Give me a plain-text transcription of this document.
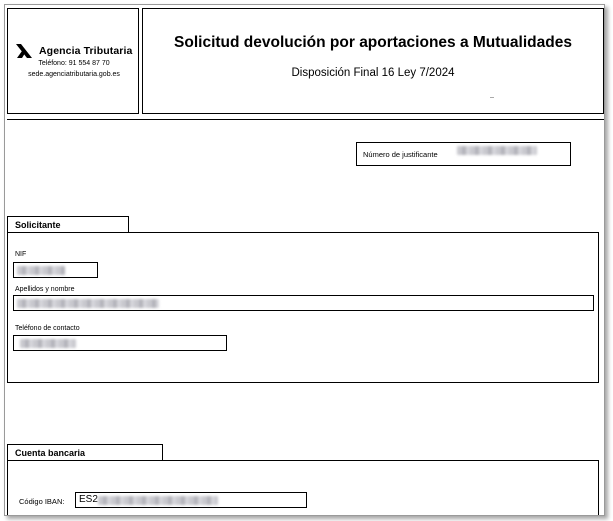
Agencia Tributaria
Teléfono: 91 554 87 70
sede.agenciatributaria.gob.es
Solicitud devolución por aportaciones a Mutualidades
Disposición Final 16 Ley 7/2024
Número de justificante
Solicitante
NIF
Apellidos y nombre
Teléfono de contacto
Cuenta bancaria
Código IBAN: ES2
